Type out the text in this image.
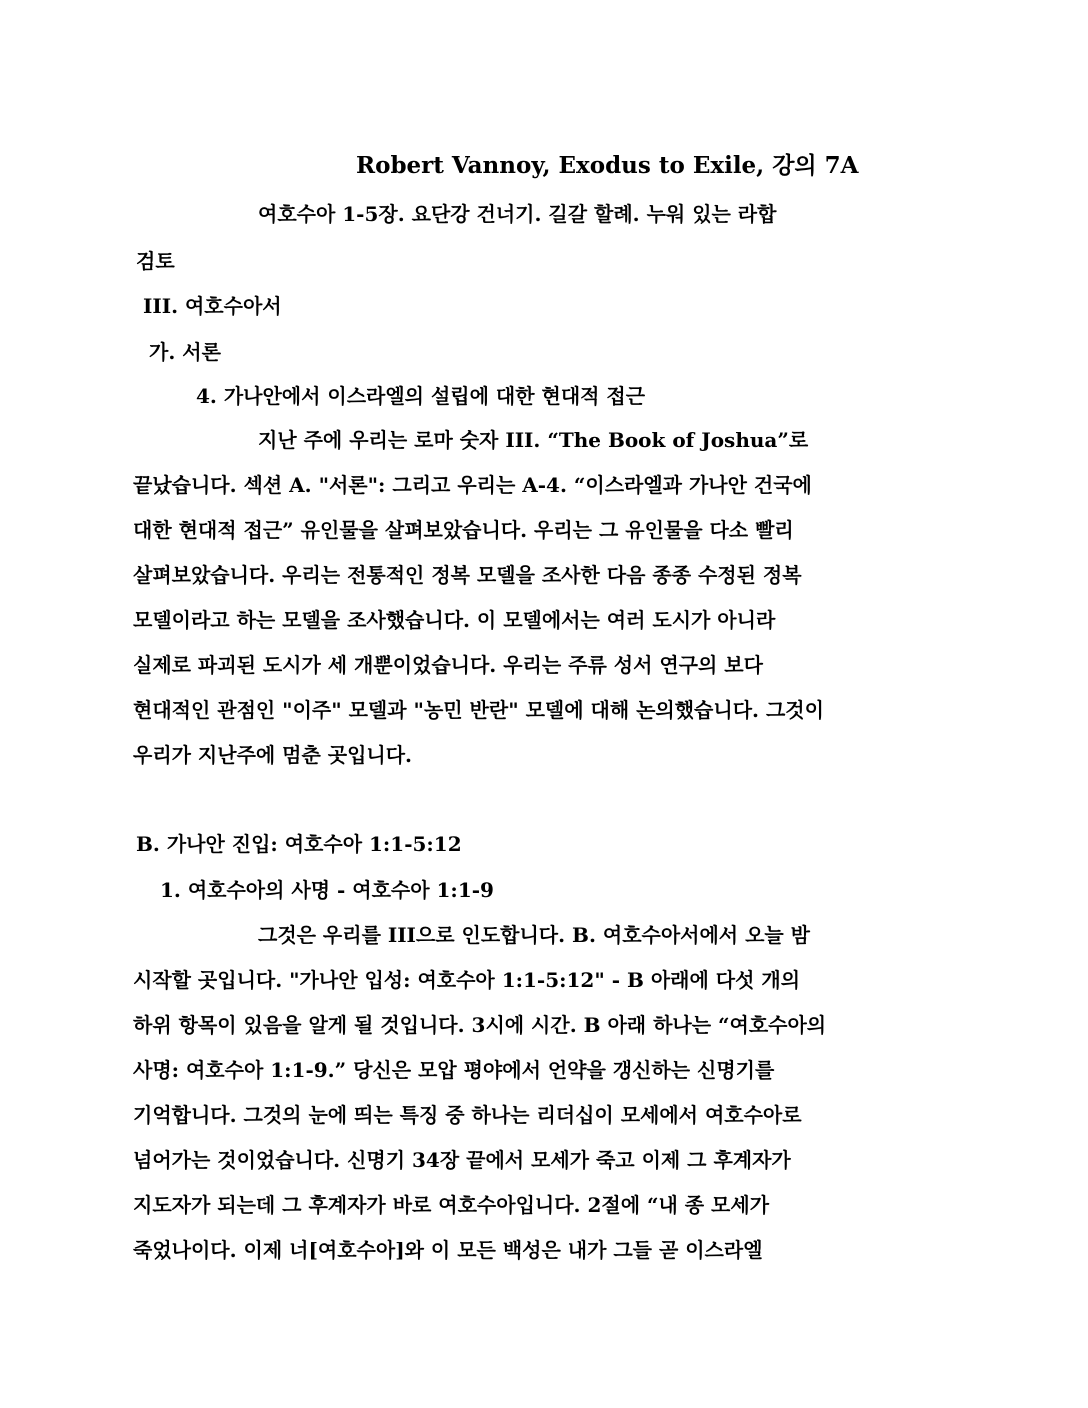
Robert Vannoy, Exodus to Exile, 강의 7A
여호수아 1-5장. 요단강 건너기. 길갈 할례. 누워 있는 라합
검토
III. 여호수아서
가. 서론
4. 가나안에서 이스라엘의 설립에 대한 현대적 접근
지난 주에 우리는 로마 숫자 III. “The Book of Joshua”로
끝났습니다. 섹션 A. "서론": 그리고 우리는 A-4. “이스라엘과 가나안 건국에
대한 현대적 접근” 유인물을 살펴보았습니다. 우리는 그 유인물을 다소 빨리
살펴보았습니다. 우리는 전통적인 정복 모델을 조사한 다음 종종 수정된 정복
모델이라고 하는 모델을 조사했습니다. 이 모델에서는 여러 도시가 아니라
실제로 파괴된 도시가 세 개뿐이었습니다. 우리는 주류 성서 연구의 보다
현대적인 관점인 "이주" 모델과 "농민 반란" 모델에 대해 논의했습니다. 그것이
우리가 지난주에 멈춘 곳입니다.
B. 가나안 진입: 여호수아 1:1-5:12
1. 여호수아의 사명 - 여호수아 1:1-9
그것은 우리를 III으로 인도합니다. B. 여호수아서에서 오늘 밤
시작할 곳입니다. "가나안 입성: 여호수아 1:1-5:12" - B 아래에 다섯 개의
하위 항목이 있음을 알게 될 것입니다. 3시에 시간. B 아래 하나는 “여호수아의
사명: 여호수아 1:1-9.” 당신은 모압 평야에서 언약을 갱신하는 신명기를
기억합니다. 그것의 눈에 띄는 특징 중 하나는 리더십이 모세에서 여호수아로
넘어가는 것이었습니다. 신명기 34장 끝에서 모세가 죽고 이제 그 후계자가
지도자가 되는데 그 후계자가 바로 여호수아입니다. 2절에 “내 종 모세가
죽었나이다. 이제 너[여호수아]와 이 모든 백성은 내가 그들 곧 이스라엘
